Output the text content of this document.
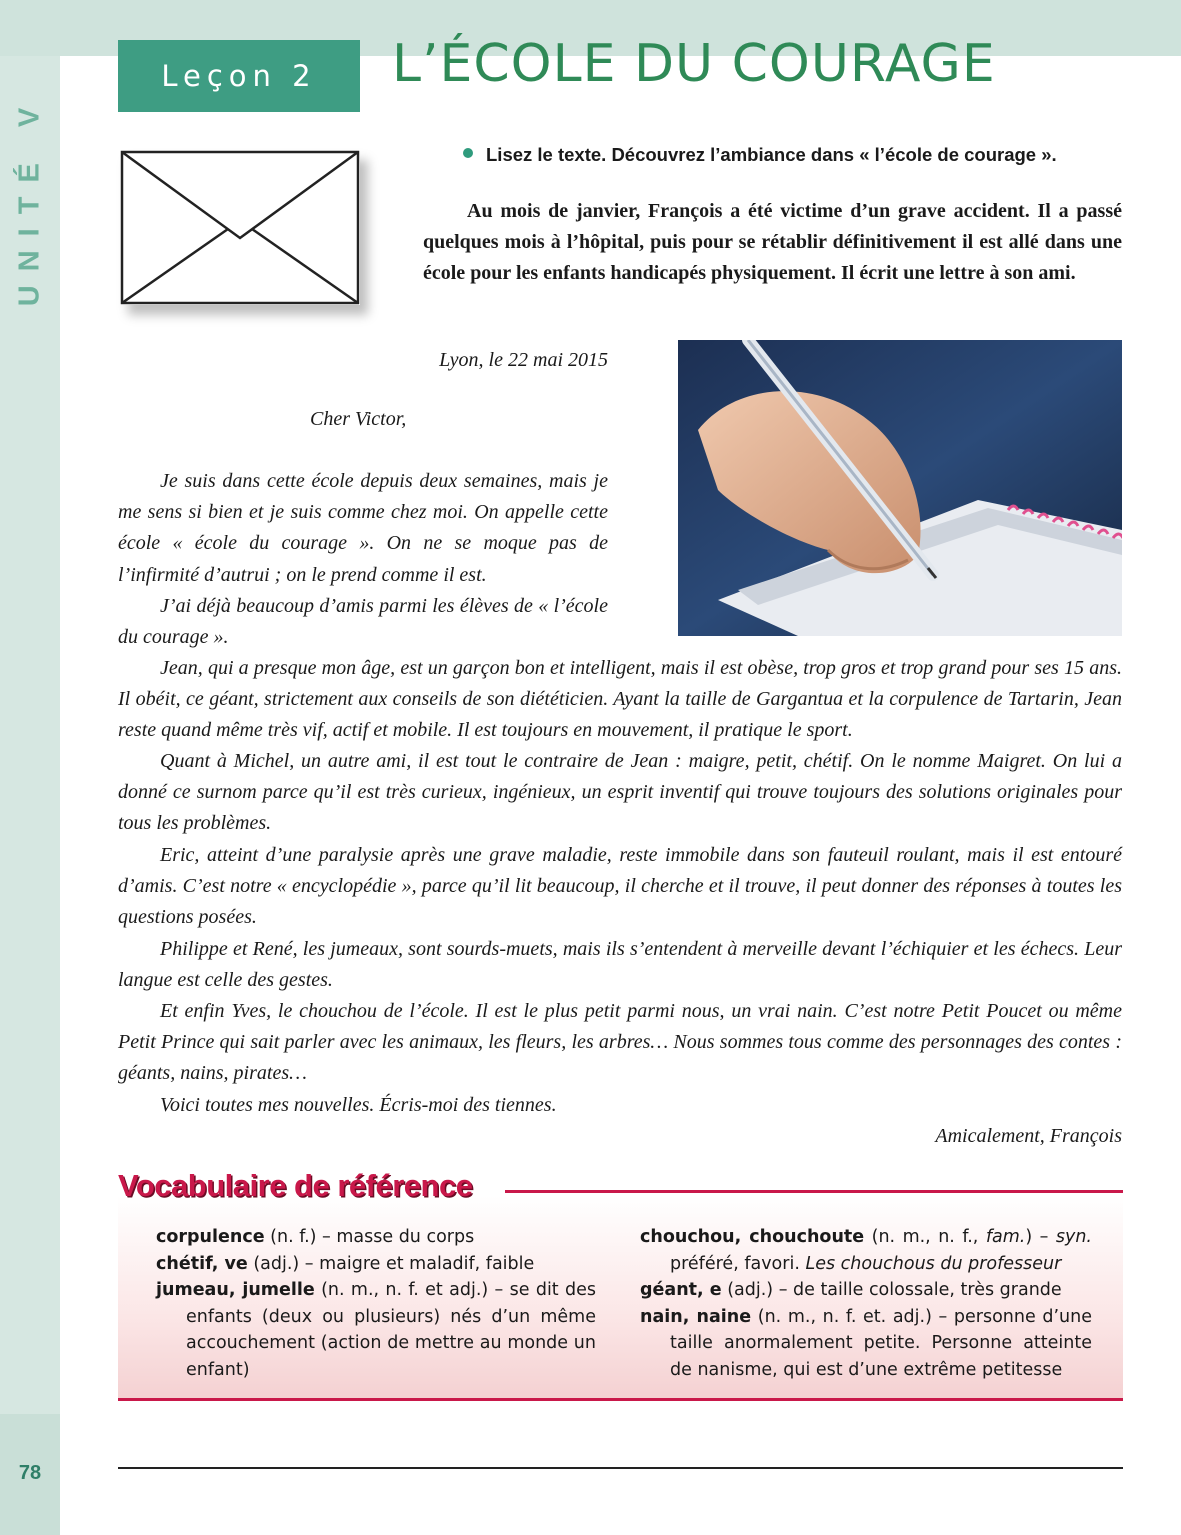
UNITÉ V
78
Leçon 2 L’ÉCOLE DU COURAGE
Lisez le texte. Découvrez l’ambiance dans « l’école de courage ».

Au mois de janvier, François a été victime d’un grave accident. Il a passé quelques mois à l’hôpital, puis pour se rétablir définitivement il est allé dans une école pour les enfants handicapés physiquement. Il écrit une lettre à son ami.

Lyon, le 22 mai 2015
Cher Victor,

Je suis dans cette école depuis deux semaines, mais je me sens si bien et je suis comme chez moi. On appelle cette école « école du courage ». On ne se moque pas de l’infirmité d’autrui ; on le prend comme il est.

J’ai déjà beaucoup d’amis parmi les élèves de « l’école du courage ».

Jean, qui a presque mon âge, est un garçon bon et intelligent, mais il est obèse, trop gros et trop grand pour ses 15 ans. Il obéit, ce géant, strictement aux conseils de son diététicien. Ayant la taille de Gargantua et la corpulence de Tartarin, Jean reste quand même très vif, actif et mobile. Il est toujours en mouvement, il pratique le sport.

Quant à Michel, un autre ami, il est tout le contraire de Jean : maigre, petit, chétif. On le nomme Maigret. On lui a donné ce surnom parce qu’il est très curieux, ingénieux, un esprit inventif qui trouve toujours des solutions originales pour tous les problèmes.

Eric, atteint d’une paralysie après une grave maladie, reste immobile dans son fauteuil roulant, mais il est entouré d’amis. C’est notre « encyclopédie », parce qu’il lit beaucoup, il cherche et il trouve, il peut donner des réponses à toutes les questions posées.

Philippe et René, les jumeaux, sont sourds-muets, mais ils s’entendent à merveille devant l’échiquier et les échecs. Leur langue est celle des gestes.

Et enfin Yves, le chouchou de l’école. Il est le plus petit parmi nous, un vrai nain. C’est notre Petit Poucet ou même Petit Prince qui sait parler avec les animaux, les fleurs, les arbres… Nous sommes tous comme des personnages des contes : géants, nains, pirates…

Voici toutes mes nouvelles. Écris-moi des tiennes.

Amicalement, François
Vocabulaire de référence

corpulence (n. f.) – masse du corps

chétif, ve (adj.) – maigre et maladif, faible

jumeau, jumelle (n. m., n. f. et adj.) – se dit des enfants (deux ou plusieurs) nés d’un même accouchement (action de mettre au monde un enfant)

chouchou, chouchoute (n. m., n. f., fam.) – syn. préféré, favori. Les chouchous du professeur

géant, e (adj.) – de taille colossale, très grande

nain, naine (n. m., n. f. et. adj.) – personne d’une taille anormalement petite. Personne atteinte de nanisme, qui est d’une extrême petitesse
